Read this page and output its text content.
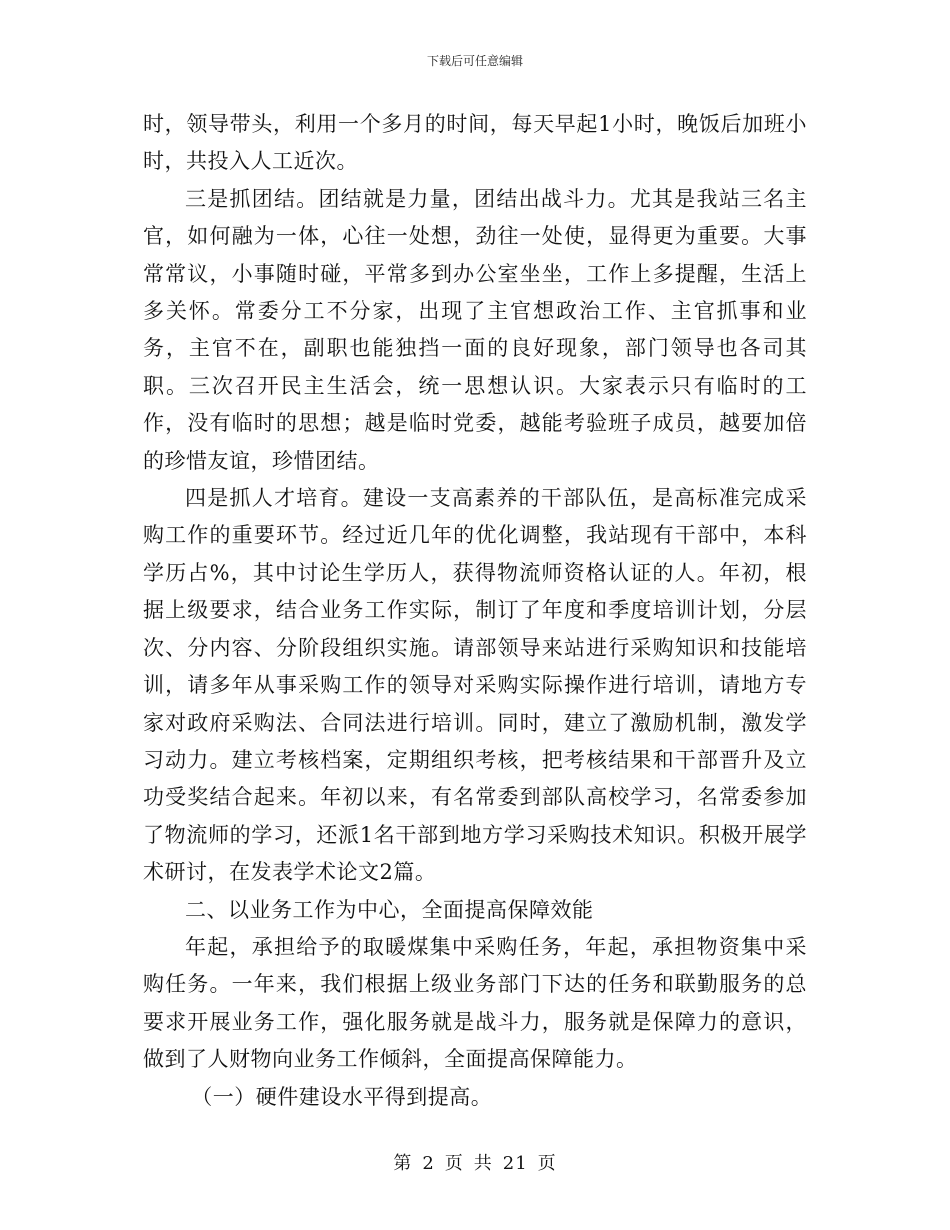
下载后可任意编辑

时，领导带头，利用一个多月的时间，每天早起1小时，晚饭后加班小时，共投入人工近次。

三是抓团结。团结就是力量，团结出战斗力。尤其是我站三名主官，如何融为一体，心往一处想，劲往一处使，显得更为重要。大事常常议，小事随时碰，平常多到办公室坐坐，工作上多提醒，生活上多关怀。常委分工不分家，出现了主官想政治工作、主官抓事和业务，主官不在，副职也能独挡一面的良好现象，部门领导也各司其职。三次召开民主生活会，统一思想认识。大家表示只有临时的工作，没有临时的思想；越是临时党委，越能考验班子成员，越要加倍的珍惜友谊，珍惜团结。

四是抓人才培育。建设一支高素养的干部队伍，是高标准完成采购工作的重要环节。经过近几年的优化调整，我站现有干部中，本科学历占%，其中讨论生学历人，获得物流师资格认证的人。年初，根据上级要求，结合业务工作实际，制订了年度和季度培训计划，分层次、分内容、分阶段组织实施。请部领导来站进行采购知识和技能培训，请多年从事采购工作的领导对采购实际操作进行培训，请地方专家对政府采购法、合同法进行培训。同时，建立了激励机制，激发学习动力。建立考核档案，定期组织考核，把考核结果和干部晋升及立功受奖结合起来。年初以来，有名常委到部队高校学习，名常委参加了物流师的学习，还派1名干部到地方学习采购技术知识。积极开展学术研讨，在发表学术论文2篇。

二、以业务工作为中心，全面提高保障效能

年起，承担给予的取暖煤集中采购任务，年起，承担物资集中采购任务。一年来，我们根据上级业务部门下达的任务和联勤服务的总要求开展业务工作，强化服务就是战斗力，服务就是保障力的意识，做到了人财物向业务工作倾斜，全面提高保障能力。

（一）硬件建设水平得到提高。

第 2 页 共 21 页
